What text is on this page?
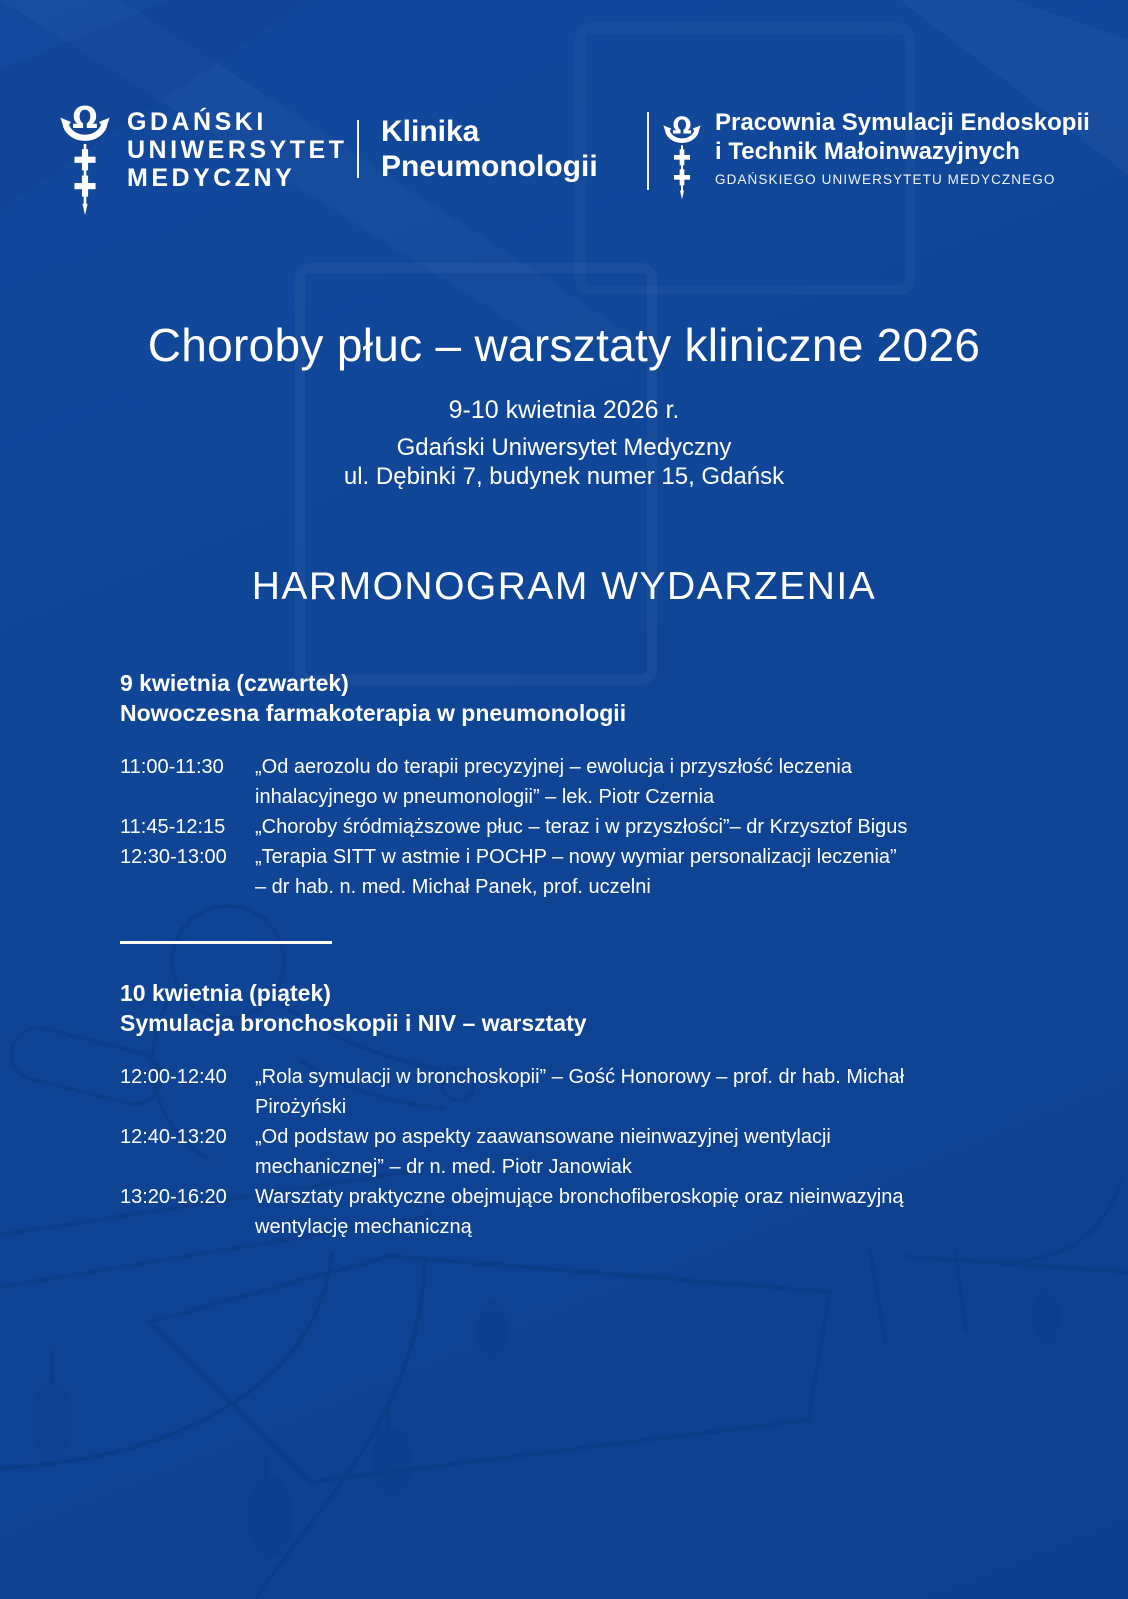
GDAŃSKI
UNIWERSYTET
MEDYCZNY
Klinika
Pneumonologii
Pracownia Symulacji Endoskopii
i Technik Małoinwazyjnych
GDAŃSKIEGO UNIWERSYTETU MEDYCZNEGO
Choroby płuc – warsztaty kliniczne 2026
9-10 kwietnia 2026 r.
Gdański Uniwersytet Medyczny
ul. Dębinki 7, budynek numer 15, Gdańsk
HARMONOGRAM WYDARZENIA
9 kwietnia (czwartek)
Nowoczesna farmakoterapia w pneumonologii
11:00-11:30	„Od aerozolu do terapii precyzyjnej – ewolucja i przyszłość leczenia
inhalacyjnego w pneumonologii” – lek. Piotr Czernia
11:45-12:15	„Choroby śródmiąższowe płuc – teraz i w przyszłości”– dr Krzysztof Bigus
12:30-13:00	„Terapia SITT w astmie i POCHP – nowy wymiar personalizacji leczenia”
– dr hab. n. med. Michał Panek, prof. uczelni
10 kwietnia (piątek)
Symulacja bronchoskopii i NIV – warsztaty
12:00-12:40	„Rola symulacji w bronchoskopii” – Gość Honorowy – prof. dr hab. Michał
Pirożyński
12:40-13:20	„Od podstaw po aspekty zaawansowane nieinwazyjnej wentylacji
mechanicznej” – dr n. med. Piotr Janowiak
13:20-16:20	Warsztaty praktyczne obejmujące bronchofiberoskopię oraz nieinwazyjną
wentylację mechaniczną
